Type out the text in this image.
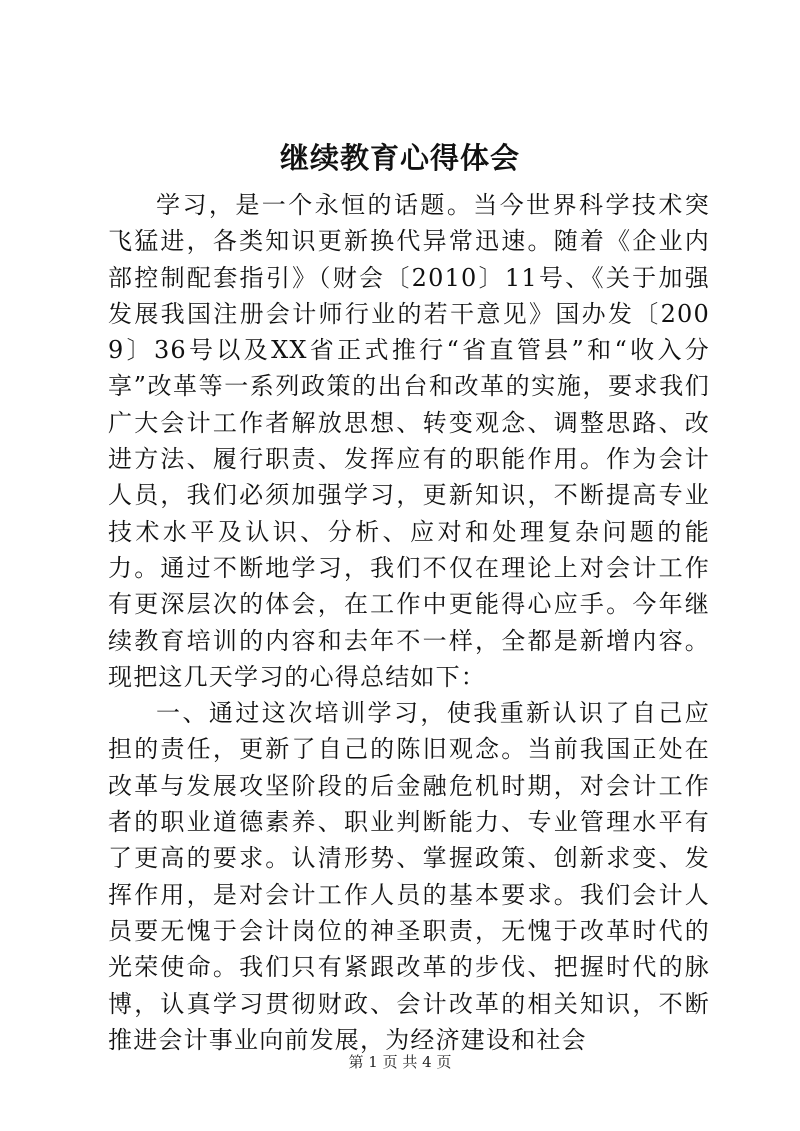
继续教育心得体会

学习，是一个永恒的话题。当今世界科学技术突飞猛进，各类知识更新换代异常迅速。随着《企业内部控制配套指引》（财会〔2010〕11号、《关于加强发展我国注册会计师行业的若干意见》国办发〔2009〕36号以及XX省正式推行“省直管县”和“收入分享”改革等一系列政策的出台和改革的实施，要求我们广大会计工作者解放思想、转变观念、调整思路、改进方法、履行职责、发挥应有的职能作用。作为会计人员，我们必须加强学习，更新知识，不断提高专业技术水平及认识、分析、应对和处理复杂问题的能力。通过不断地学习，我们不仅在理论上对会计工作有更深层次的体会，在工作中更能得心应手。今年继续教育培训的内容和去年不一样，全都是新增内容。现把这几天学习的心得总结如下：

一、通过这次培训学习，使我重新认识了自己应担的责任，更新了自己的陈旧观念。当前我国正处在改革与发展攻坚阶段的后金融危机时期，对会计工作者的职业道德素养、职业判断能力、专业管理水平有了更高的要求。认清形势、掌握政策、创新求变、发挥作用，是对会计工作人员的基本要求。我们会计人员要无愧于会计岗位的神圣职责，无愧于改革时代的光荣使命。我们只有紧跟改革的步伐、把握时代的脉博，认真学习贯彻财政、会计改革的相关知识，不断推进会计事业向前发展，为经济建设和社会

第 1 页 共 4 页
